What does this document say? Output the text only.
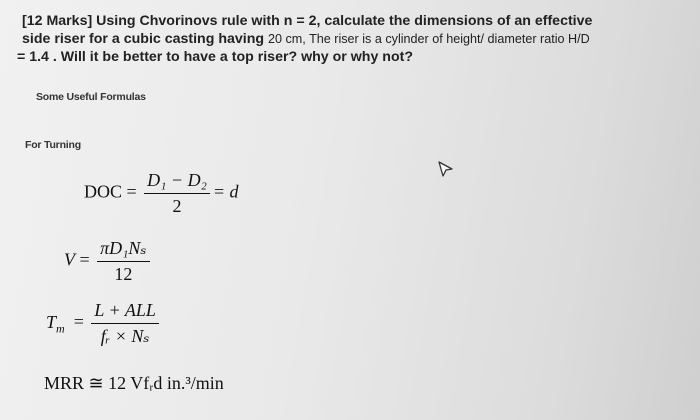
[12 Marks] Using Chvorinovs rule with n = 2, calculate the dimensions of an effective
side riser for a cubic casting having 20 cm, The riser is a cylinder of height/ diameter ratio H/D
= 1.4 . Will it be better to have a top riser? why or why not?
Some Useful Formulas
For Turning
DOC = $\frac{\text{D₁ − D₂}}{2} = d$
$V = \frac{\text{πD₁Nₛ}}{12}$
$T_m = \frac{\text{L + ALL}}{\text{fᵣ × Nₛ}}$
MRR ≅ 12 Vfᵣd in.³/min
